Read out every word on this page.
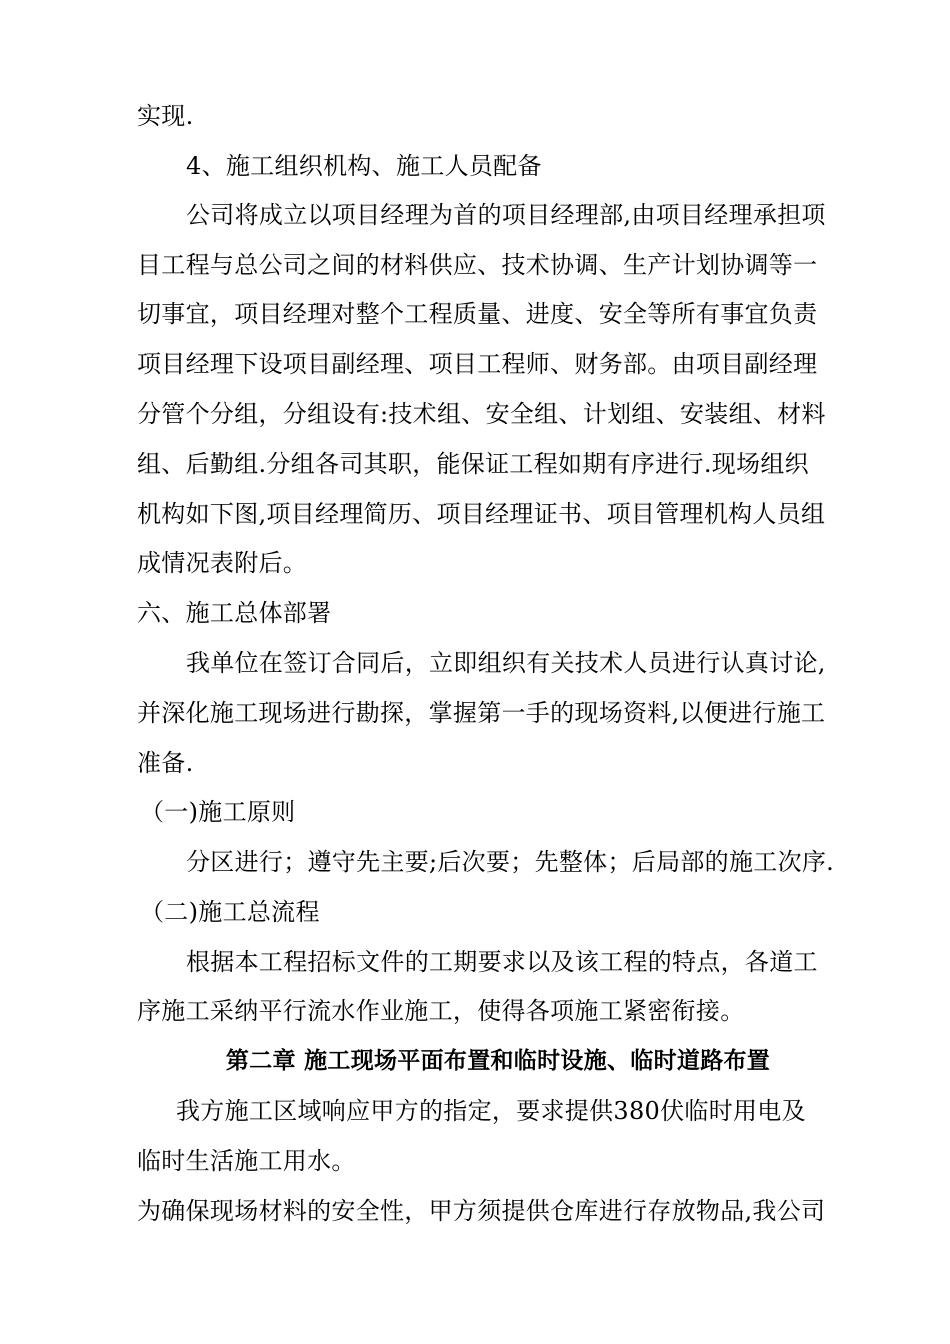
实现.
4、施工组织机构、施工人员配备
公司将成立以项目经理为首的项目经理部,由项目经理承担项
目工程与总公司之间的材料供应、技术协调、生产计划协调等一
切事宜，项目经理对整个工程质量、进度、安全等所有事宜负责
项目经理下设项目副经理、项目工程师、财务部。由项目副经理
分管个分组，分组设有:技术组、安全组、计划组、安装组、材料
组、后勤组.分组各司其职，能保证工程如期有序进行.现场组织
机构如下图,项目经理简历、项目经理证书、项目管理机构人员组
成情况表附后。
六、施工总体部署
我单位在签订合同后，立即组织有关技术人员进行认真讨论,
并深化施工现场进行勘探，掌握第一手的现场资料,以便进行施工
准备.
（一)施工原则
分区进行；遵守先主要;后次要；先整体；后局部的施工次序.
（二)施工总流程
根据本工程招标文件的工期要求以及该工程的特点，各道工
序施工采纳平行流水作业施工，使得各项施工紧密衔接。
第二章 施工现场平面布置和临时设施、临时道路布置
我方施工区域响应甲方的指定，要求提供380伏临时用电及
临时生活施工用水。
为确保现场材料的安全性，甲方须提供仓库进行存放物品,我公司
